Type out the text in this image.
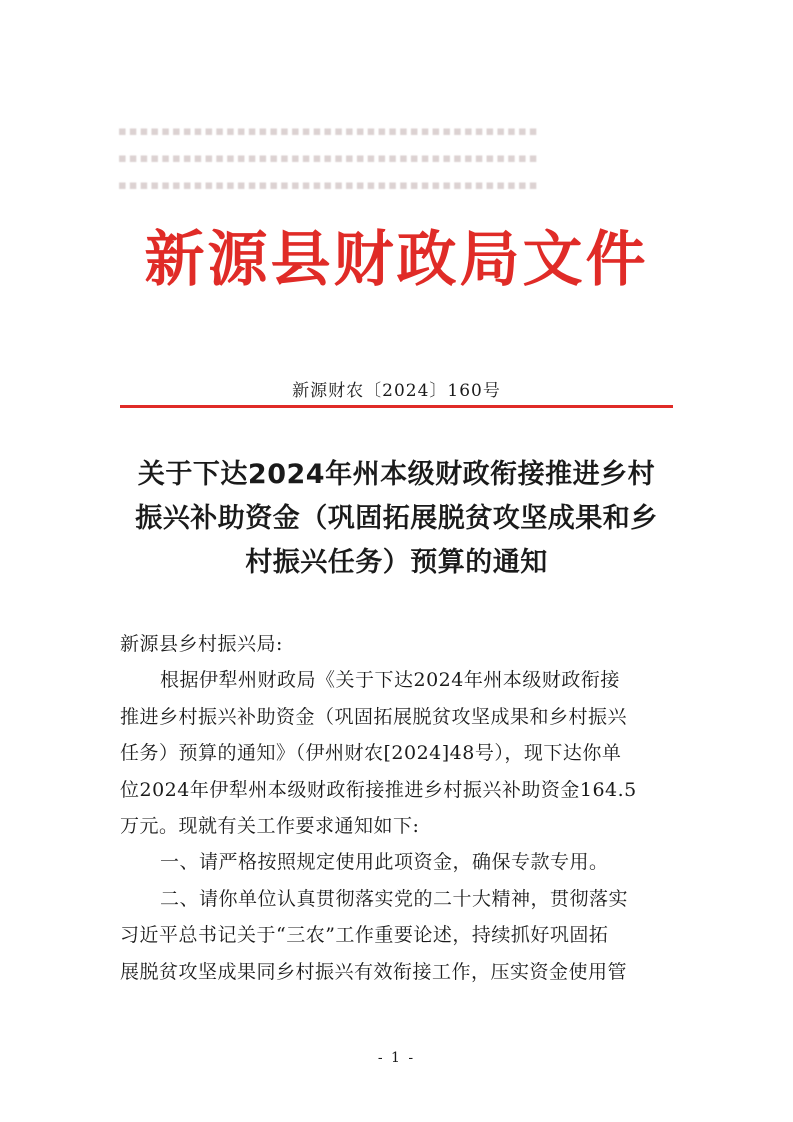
▪▪▪▪▪▪▪▪▪▪▪▪▪▪▪▪▪▪▪▪▪▪▪▪▪▪▪▪▪▪▪▪▪▪▪▪▪▪▪
▪▪▪▪▪▪▪▪▪▪▪▪▪▪▪▪▪▪▪▪▪▪▪▪▪▪▪▪▪▪▪▪▪▪▪▪▪▪▪
▪▪▪▪▪▪▪▪▪▪▪▪▪▪▪▪▪▪▪▪▪▪▪▪▪▪▪▪▪▪▪▪▪▪▪▪▪▪▪
新源县财政局文件
新源财农〔2024〕160号
关于下达2024年州本级财政衔接推进乡村
振兴补助资金（巩固拓展脱贫攻坚成果和乡
村振兴任务）预算的通知
新源县乡村振兴局:
根据伊犁州财政局《关于下达2024年州本级财政衔接
推进乡村振兴补助资金（巩固拓展脱贫攻坚成果和乡村振兴
任务）预算的通知》（伊州财农[2024]48号），现下达你单
位2024年伊犁州本级财政衔接推进乡村振兴补助资金164.5
万元。现就有关工作要求通知如下:
一、请严格按照规定使用此项资金，确保专款专用。
二、请你单位认真贯彻落实党的二十大精神，贯彻落实
习近平总书记关于“三农”工作重要论述，持续抓好巩固拓
展脱贫攻坚成果同乡村振兴有效衔接工作，压实资金使用管
- 1 -
